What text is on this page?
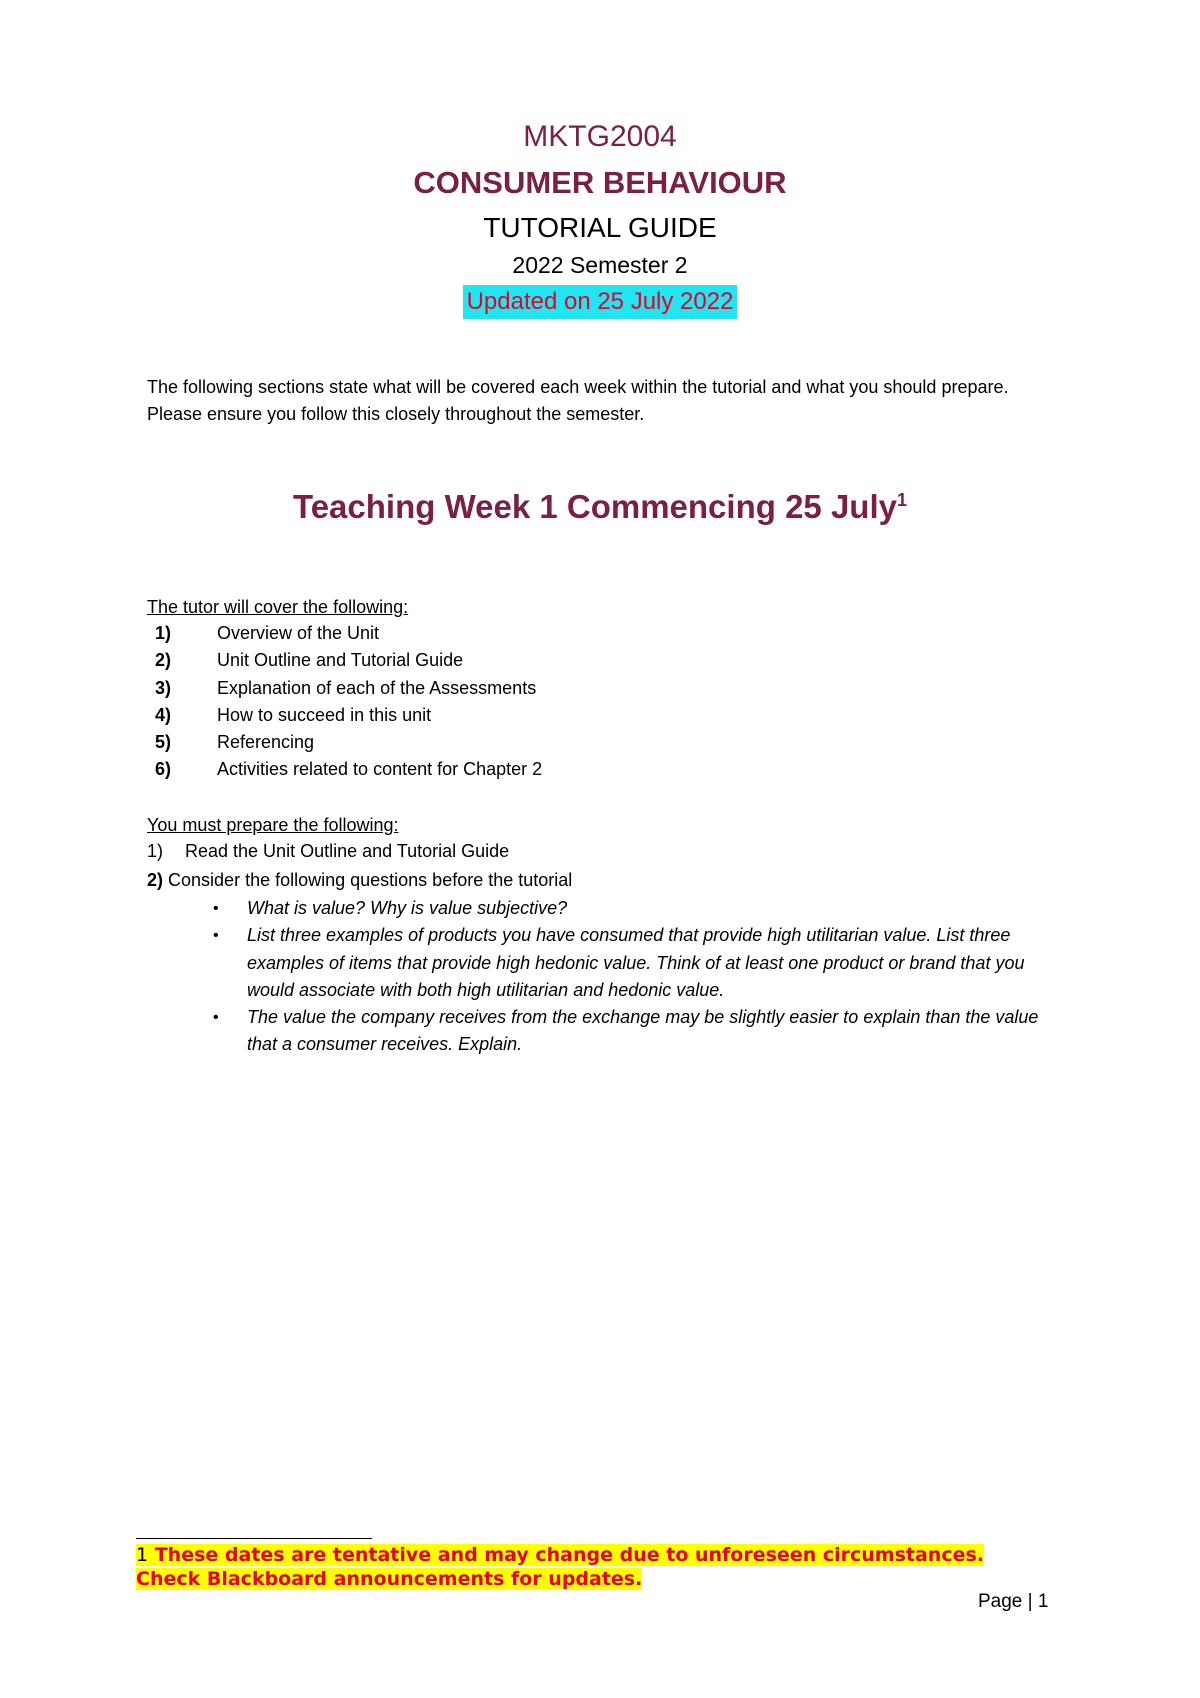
MKTG2004
CONSUMER BEHAVIOUR
TUTORIAL GUIDE
2022 Semester 2
Updated on 25 July 2022
The following sections state what will be covered each week within the tutorial and what you should prepare. Please ensure you follow this closely throughout the semester.
Teaching Week 1 Commencing 25 July$^1$
The tutor will cover the following:
1)	Overview of the Unit
2)	Unit Outline and Tutorial Guide
3)	Explanation of each of the Assessments
4)	How to succeed in this unit
5)	Referencing
6)	Activities related to content for Chapter 2
You must prepare the following:
1) Read the Unit Outline and Tutorial Guide
2) Consider the following questions before the tutorial
• What is value? Why is value subjective?
• List three examples of products you have consumed that provide high utilitarian value. List three examples of items that provide high hedonic value. Think of at least one product or brand that you would associate with both high utilitarian and hedonic value.
• The value the company receives from the exchange may be slightly easier to explain than the value that a consumer receives. Explain.
1 These dates are tentative and may change due to unforeseen circumstances.
Check Blackboard announcements for updates.
Page | 1
